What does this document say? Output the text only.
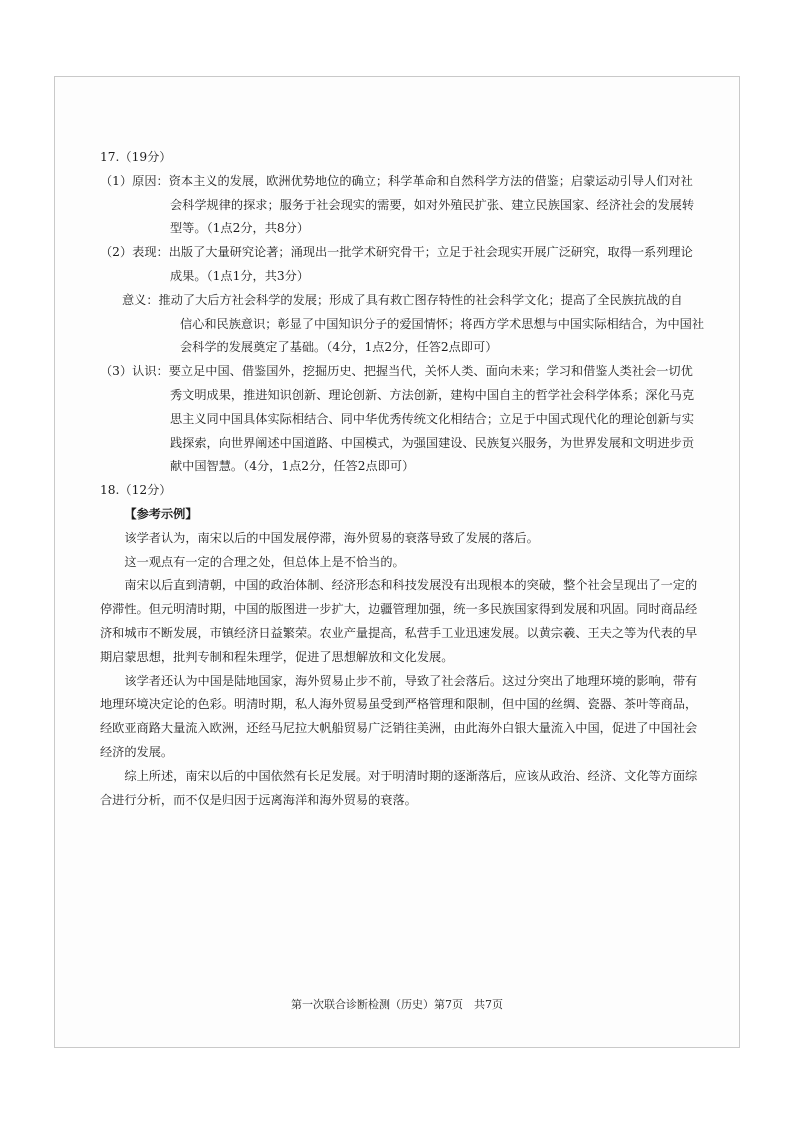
17.（19分）

（1）原因：资本主义的发展，欧洲优势地位的确立；科学革命和自然科学方法的借鉴；启蒙运动引导人们对社
会科学规律的探求；服务于社会现实的需要，如对外殖民扩张、建立民族国家、经济社会的发展转
型等。（1点2分，共8分）
（2）表现：出版了大量研究论著；涌现出一批学术研究骨干；立足于社会现实开展广泛研究，取得一系列理论
成果。（1点1分，共3分）
意义：推动了大后方社会科学的发展；形成了具有救亡图存特性的社会科学文化；提高了全民族抗战的自
信心和民族意识；彰显了中国知识分子的爱国情怀；将西方学术思想与中国实际相结合，为中国社
会科学的发展奠定了基础。（4分，1点2分，任答2点即可）
（3）认识：要立足中国、借鉴国外，挖掘历史、把握当代，关怀人类、面向未来；学习和借鉴人类社会一切优
秀文明成果，推进知识创新、理论创新、方法创新，建构中国自主的哲学社会科学体系；深化马克
思主义同中国具体实际相结合、同中华优秀传统文化相结合；立足于中国式现代化的理论创新与实
践探索，向世界阐述中国道路、中国模式，为强国建设、民族复兴服务，为世界发展和文明进步贡
献中国智慧。（4分，1点2分，任答2点即可）

18.（12分）

【参考示例】

该学者认为，南宋以后的中国发展停滞，海外贸易的衰落导致了发展的落后。

这一观点有一定的合理之处，但总体上是不恰当的。

南宋以后直到清朝，中国的政治体制、经济形态和科技发展没有出现根本的突破，整个社会呈现出了一定的
停滞性。但元明清时期，中国的版图进一步扩大，边疆管理加强，统一多民族国家得到发展和巩固。同时商品经
济和城市不断发展，市镇经济日益繁荣。农业产量提高，私营手工业迅速发展。以黄宗羲、王夫之等为代表的早
期启蒙思想，批判专制和程朱理学，促进了思想解放和文化发展。
该学者还认为中国是陆地国家，海外贸易止步不前，导致了社会落后。这过分突出了地理环境的影响，带有
地理环境决定论的色彩。明清时期，私人海外贸易虽受到严格管理和限制，但中国的丝绸、瓷器、茶叶等商品，
经欧亚商路大量流入欧洲，还经马尼拉大帆船贸易广泛销往美洲，由此海外白银大量流入中国，促进了中国社会
经济的发展。
综上所述，南宋以后的中国依然有长足发展。对于明清时期的逐渐落后，应该从政治、经济、文化等方面综
合进行分析，而不仅是归因于远离海洋和海外贸易的衰落。
第一次联合诊断检测（历史）第7页　共7页
